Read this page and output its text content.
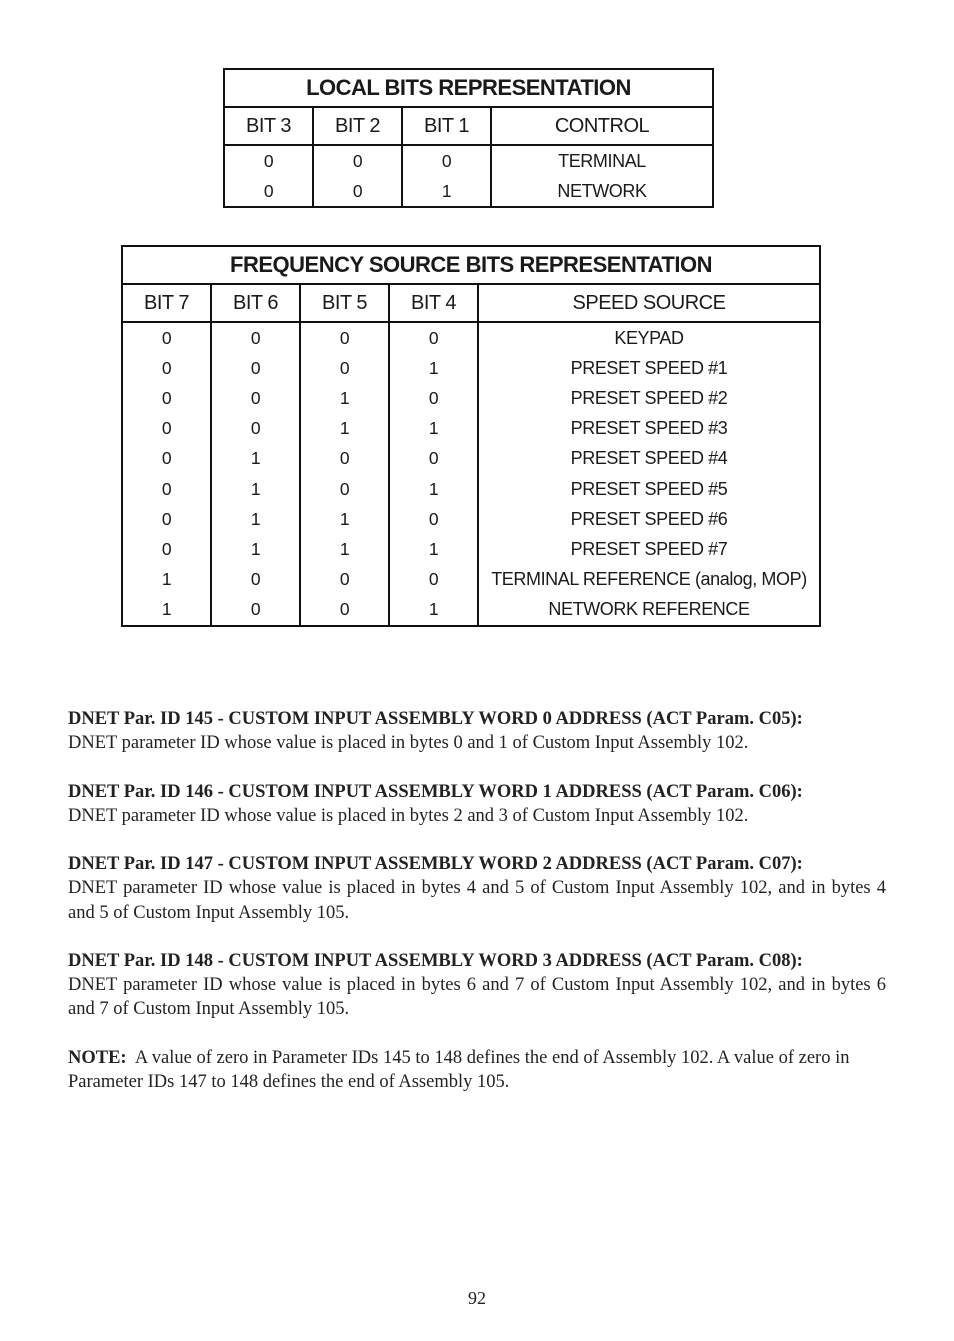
LOCAL BITS REPRESENTATION			
BIT 3	BIT 2	BIT 1	CONTROL
0	0	0	TERMINAL
0	0	1	NETWORK
FREQUENCY SOURCE BITS REPRESENTATION				
BIT 7	BIT 6	BIT 5	BIT 4	SPEED SOURCE
0	0	0	0	KEYPAD
0	0	0	1	PRESET SPEED #1
0	0	1	0	PRESET SPEED #2
0	0	1	1	PRESET SPEED #3
0	1	0	0	PRESET SPEED #4
0	1	0	1	PRESET SPEED #5
0	1	1	0	PRESET SPEED #6
0	1	1	1	PRESET SPEED #7
1	0	0	0	TERMINAL REFERENCE (analog, MOP)
1	0	0	1	NETWORK REFERENCE
DNET Par. ID 145 - CUSTOM INPUT ASSEMBLY WORD 0 ADDRESS (ACT Param. C05):
DNET parameter ID whose value is placed in bytes 0 and 1 of Custom Input Assembly 102.
DNET Par. ID 146 - CUSTOM INPUT ASSEMBLY WORD 1 ADDRESS (ACT Param. C06):
DNET parameter ID whose value is placed in bytes 2 and 3 of Custom Input Assembly 102.
DNET Par. ID 147 - CUSTOM INPUT ASSEMBLY WORD 2 ADDRESS (ACT Param. C07):
DNET parameter ID whose value is placed in bytes 4 and 5 of Custom Input Assembly 102, and in bytes 4 and 5 of Custom Input Assembly 105.
DNET Par. ID 148 - CUSTOM INPUT ASSEMBLY WORD 3 ADDRESS (ACT Param. C08):
DNET parameter ID whose value is placed in bytes 6 and 7 of Custom Input Assembly 102, and in bytes 6 and 7 of Custom Input Assembly 105.
NOTE: A value of zero in Parameter IDs 145 to 148 defines the end of Assembly 102. A value of zero in Parameter IDs 147 to 148 defines the end of Assembly 105.
92
